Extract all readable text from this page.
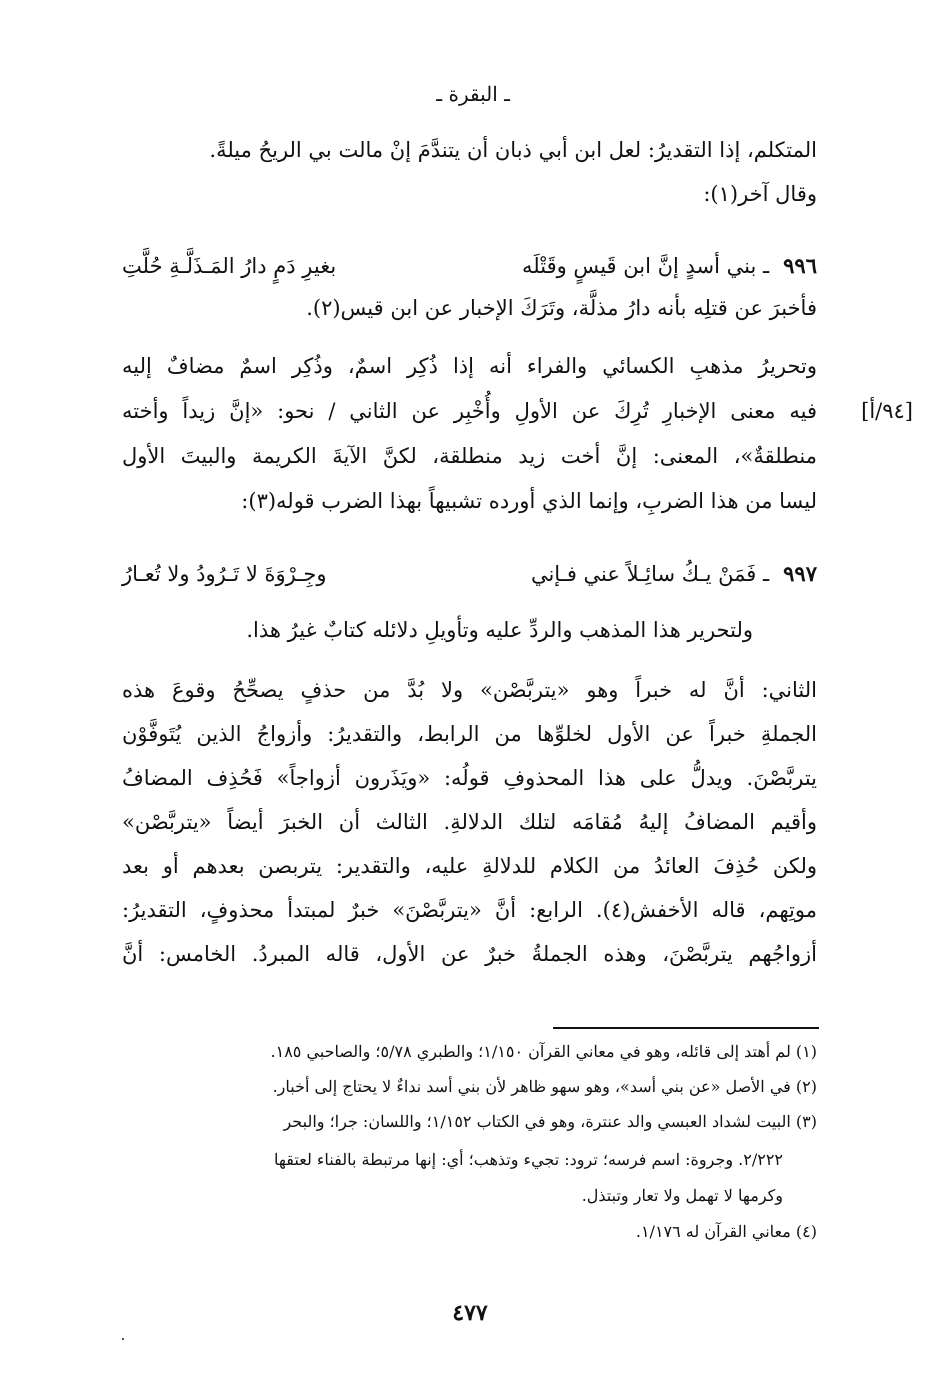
ـ البقرة ـ
المتكلم، إذا التقديرُ: لعل ابن أبي ذبان أن يتندَّمَ إنْ مالت بي الريحُ ميلةً.
وقال آخر(١):
٩٩٦ـ بني أسدٍ إنَّ ابن قَيسٍ وقَتْلَه
بغيرِ دَمٍ دارُ المَـذَلَّـةِ حُلَّتِ
فأخبرَ عن قتلِه بأنه دارُ مذلَّة، وتَرَكَ الإخبار عن ابن قيس(٢).
وتحريرُ مذهبِ الكسائي والفراء أنه إذا ذُكِر اسمٌ، وذُكِر اسمٌ مضافٌ إليه
فيه معنى الإخبارِ تُرِكَ عن الأولِ وأُخْبِر عن الثاني / نحو: «إنَّ زيداً وأخته
منطلقةٌ»، المعنى: إنَّ أخت زيد منطلقة، لكنَّ الآيةَ الكريمة والبيتَ الأول
ليسا من هذا الضربِ، وإنما الذي أورده تشبيهاً بهذا الضرب قوله(٣):
[٩٤/أ]
٩٩٧ـ فَمَنْ يـكُ سائِـلاً عني فـإني
وجِـرْوَةَ لا تَـرُودُ ولا تُعـارُ
ولتحرير هذا المذهب والردِّ عليه وتأويلِ دلائله كتابٌ غيرُ هذا.
الثاني: أنَّ له خبراً وهو «يتربَّصْن» ولا بُدَّ من حذفٍ يصحِّحُ وقوعَ هذه
الجملةِ خبراً عن الأول لخلوِّها من الرابط، والتقديرُ: وأزواجُ الذين يُتَوفَّوْن
يتربَّصْنَ. ويدلُّ على هذا المحذوفِ قولُه: «ويَذَرون أزواجاً» فَحُذِف المضافُ
وأقيم المضافُ إليهُ مُقامَه لتلك الدلالةِ. الثالث أن الخبرَ أيضاً «يتربَّصْن»
ولكن حُذِفَ العائدُ من الكلام للدلالةِ عليه، والتقدير: يتربصن بعدهم أو بعد
موتِهم، قاله الأخفش(٤). الرابع: أنَّ «يتربَّصْنَ» خبرٌ لمبتدأ محذوفٍ، التقديرُ:
أزواجُهم يتربَّصْنَ، وهذه الجملةُ خبرٌ عن الأول، قاله المبردُ. الخامس: أنَّ
(١) لم أهتد إلى قائله، وهو في معاني القرآن ١/١٥٠؛ والطبري ٥/٧٨؛ والصاحبي ١٨٥.
(٢) في الأصل «عن بني أسد»، وهو سهو ظاهر لأن بني أسد نداءٌ لا يحتاج إلى أخبار.
(٣) البيت لشداد العبسي والد عنترة، وهو في الكتاب ١/١٥٢؛ واللسان: جرا؛ والبحر
٢/٢٢٢. وجروة: اسم فرسه؛ ترود: تجيء وتذهب؛ أي: إنها مرتبطة بالفناء لعتقها
وكرمها لا تهمل ولا تعار وتبتذل.
(٤) معاني القرآن له ١/١٧٦.
٤٧٧
